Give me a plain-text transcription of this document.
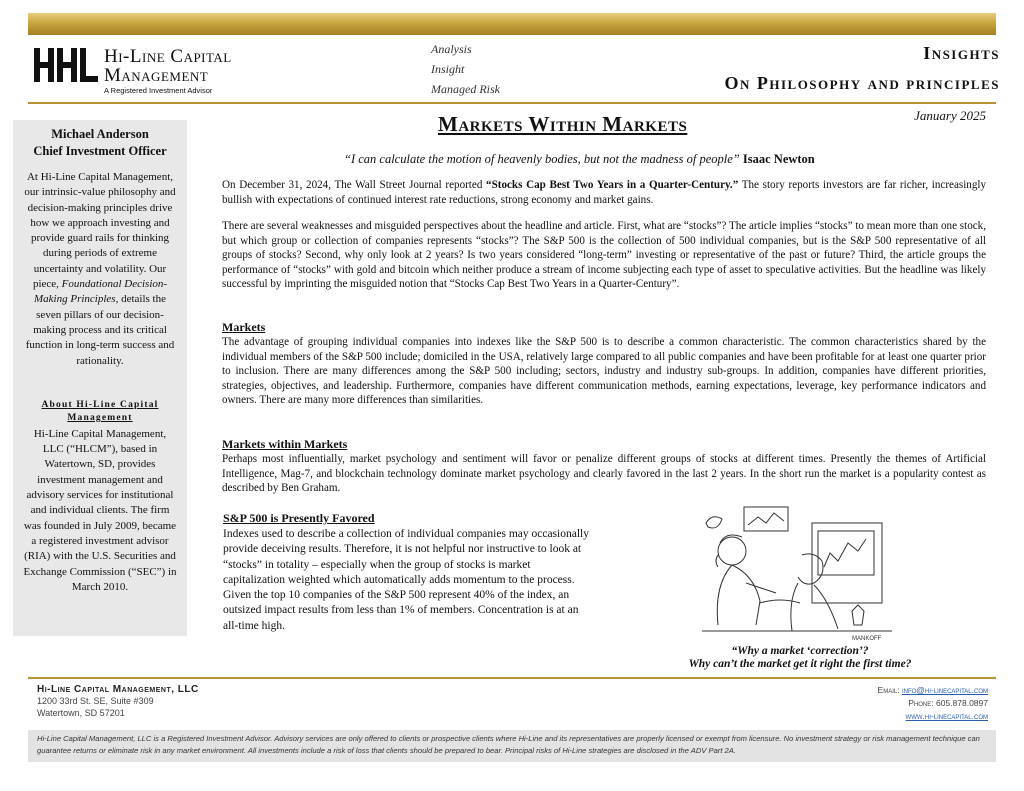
Hi-Line Capital
Management
A Registered Investment Advisor
Analysis
Insight
Managed Risk
Insights
On Philosophy and principles
January 2025
Michael Anderson
Chief Investment Officer
At Hi-Line Capital Management, our intrinsic-value philosophy and decision-making principles drive how we approach investing and provide guard rails for thinking during periods of extreme uncertainty and volatility. Our piece, Foundational Decision-Making Principles, details the seven pillars of our decision-making process and its critical function in long-term success and rationality.
About Hi-Line Capital Management
Hi-Line Capital Management, LLC (“HLCM”), based in Watertown, SD, provides investment management and advisory services for institutional and individual clients. The firm was founded in July 2009, became a registered investment advisor (RIA) with the U.S. Securities and Exchange Commission (“SEC”) in March 2010.
Markets Within Markets
“I can calculate the motion of heavenly bodies, but not the madness of people” Isaac Newton
On December 31, 2024, The Wall Street Journal reported “Stocks Cap Best Two Years in a Quarter-Century.” The story reports investors are far richer, increasingly bullish with expectations of continued interest rate reductions, strong economy and market gains.
There are several weaknesses and misguided perspectives about the headline and article. First, what are “stocks”? The article implies “stocks” to mean more than one stock, but which group or collection of companies represents “stocks”? The S&P 500 is the collection of 500 individual companies, but is the S&P 500 representative of all groups of stocks? Second, why only look at 2 years? Is two years considered “long-term” investing or representative of the past or future? Third, the article groups the performance of “stocks” with gold and bitcoin which neither produce a stream of income subjecting each type of asset to speculative activities. But the headline was likely successful by imprinting the misguided notion that “Stocks Cap Best Two Years in a Quarter-Century”.
Markets
The advantage of grouping individual companies into indexes like the S&P 500 is to describe a common characteristic. The common characteristics shared by the individual members of the S&P 500 include; domiciled in the USA, relatively large compared to all public companies and have been profitable for at least one quarter prior to inclusion. There are many differences among the S&P 500 including; sectors, industry and industry sub-groups. In addition, companies have different priorities, strategies, objectives, and leadership. Furthermore, companies have different communication methods, earning expectations, leverage, key performance indicators and owners. There are many more differences than similarities.
Markets within Markets
Perhaps most influentially, market psychology and sentiment will favor or penalize different groups of stocks at different times. Presently the themes of Artificial Intelligence, Mag-7, and blockchain technology dominate market psychology and clearly favored in the last 2 years. In the short run the market is a popularity contest as described by Ben Graham.
S&P 500 is Presently Favored
Indexes used to describe a collection of individual companies may occasionally provide deceiving results. Therefore, it is not helpful nor instructive to look at “stocks” in totality – especially when the group of stocks is market capitalization weighted which automatically adds momentum to the process. Given the top 10 companies of the S&P 500 represent 40% of the index, an outsized impact results from less than 1% of members. Concentration is at an all-time high.
MANKOFF
“Why a market ‘correction’?
Why can’t the market get it right the first time?
Hi-Line Capital Management, LLC
1200 33rd St. SE, Suite #309
Watertown, SD 57201
Email: info@hi-linecapital.com
Phone: 605.878.0897
www.hi-linecapital.com
Hi-Line Capital Management, LLC is a Registered Investment Advisor. Advisory services are only offered to clients or prospective clients where Hi-Line and its representatives are properly licensed or exempt from licensure. No investment strategy or risk management technique can guarantee returns or eliminate risk in any market environment. All investments include a risk of loss that clients should be prepared to bear. Principal risks of Hi-Line strategies are disclosed in the ADV Part 2A.
